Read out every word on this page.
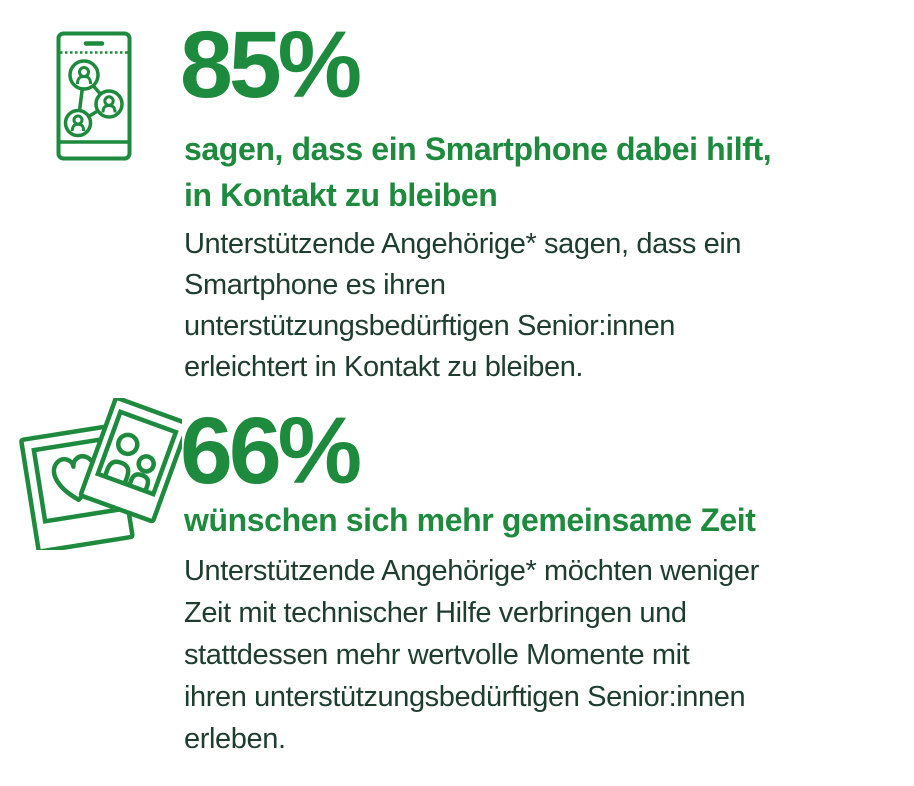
85%
sagen, dass ein Smartphone dabei hilft,
in Kontakt zu bleiben
Unterstützende Angehörige* sagen, dass ein
Smartphone es ihren
unterstützungsbedürftigen Senior:innen
erleichtert in Kontakt zu bleiben.
66%
wünschen sich mehr gemeinsame Zeit
Unterstützende Angehörige* möchten weniger
Zeit mit technischer Hilfe verbringen und
stattdessen mehr wertvolle Momente mit
ihren unterstützungsbedürftigen Senior:innen
erleben.
